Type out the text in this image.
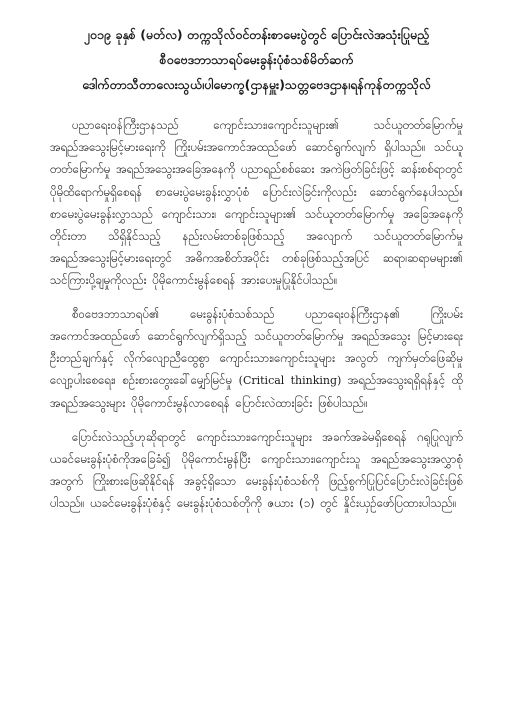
၂၀၁၉ ခုနှစ် (မတ်လ) တက္ကသိုလ်ဝင်တန်းစာမေးပွဲတွင် ပြောင်းလဲအသုံးပြုမည့်
စီဝဗေဒဘာသာရပ်မေးခွန်းပုံစံသစ်မိတ်ဆက်
ဒေါက်တာသီတာလေးသွယ်၊ပါမောက္ခ(ဌာနမှူး)သတ္တဗေဒဌာန၊ရန်ကုန်တက္ကသိုလ်

ပညာရေးဝန်ကြီးဌာနသည် ကျောင်းသား၊ကျောင်းသူများ၏ သင်ယူတတ်မြောက်မှု အရည်အသွေးမြင့်မားရေးကို ကြိုးပမ်းအကောင်အထည်ဖော် ဆောင်ရွက်လျက် ရှိပါသည်။ သင်ယူတတ်မြောက်မှု အရည်အသွေးအခြေအနေကို ပညာရည်စစ်ဆေး အကဲဖြတ်ခြင်းဖြင့် ဆန်းစစ်ရာတွင်ပိုမိုထိရောက်မှုရှိစေရန် စာမေးပွဲမေးခွန်းလွှာပုံစံ ပြောင်းလဲခြင်းကိုလည်း ဆောင်ရွက်နေပါသည်။ စာမေးပွဲမေးခွန်းလွှာသည် ကျောင်းသား၊ ကျောင်းသူများ၏ သင်ယူတတ်မြောက်မှု အခြေအနေကို တိုင်းတာ သိရှိနိုင်သည့် နည်းလမ်းတစ်ခုဖြစ်သည့် အလျောက် သင်ယူတတ်မြောက်မှု အရည်အသွေးမြင့်မားရေးတွင် အဓိကအစိတ်အပိုင်း တစ်ခုဖြစ်သည့်အပြင် ဆရာ၊ဆရာမများ၏ သင်ကြားပို့ချမှုကိုလည်း ပိုမိုကောင်းမွန်စေရန် အားပေးမှုပြုနိုင်ပါသည်။

စီဝဗေဒဘာသာရပ်၏ မေးခွန်းပုံစံသစ်သည် ပညာရေးဝန်ကြီးဌာန၏ ကြိုးပမ်း အကောင်အထည်ဖော် ဆောင်ရွက်လျက်ရှိသည့် သင်ယူတတ်မြောက်မှု အရည်အသွေး မြင့်မားရေးဦးတည်ချက်နှင့် လိုက်လျောညီထွေစွာ ကျောင်းသား၊ကျောင်းသူများ အလွတ် ကျက်မှတ်ဖြေဆိုမှု လျော့ပါးစေရေး၊ စဉ်းစားတွေးခေါ်မျှော်မြင်မှု (Critical thinking) အရည်အသွေးရရှိရန်နှင့် ထိုအရည်အသွေးများ ပိုမိုကောင်းမွန်လာစေရန် ပြောင်းလဲထားခြင်း ဖြစ်ပါသည်။

ပြောင်းလဲသည့်ဟုဆိုရာတွင် ကျောင်းသား၊ကျောင်းသူများ အခက်အခဲမရှိစေရန် ဂရုပြုလျက် ယခင်မေးခွန်းပုံစံကိုအခြေခံ၍ ပိုမိုကောင်းမွန်ပြီး ကျောင်းသား၊ကျောင်းသူ အရည်အသွေးအလွှာစုံအတွက် ကြိုးစားဖြေဆိုနိုင်ရန် အခွင့်ရှိသော မေးခွန်းပုံစံသစ်ကို ဖြည့်စွက်ပြုပြင်ပြောင်းလဲခြင်းဖြစ်ပါသည်။ ယခင်မေးခွန်းပုံစံနှင့် မေးခွန်းပုံစံသစ်တိုကို ဇယား (၁) တွင် နှိုင်းယှဉ်ဖော်ပြထားပါသည်။
